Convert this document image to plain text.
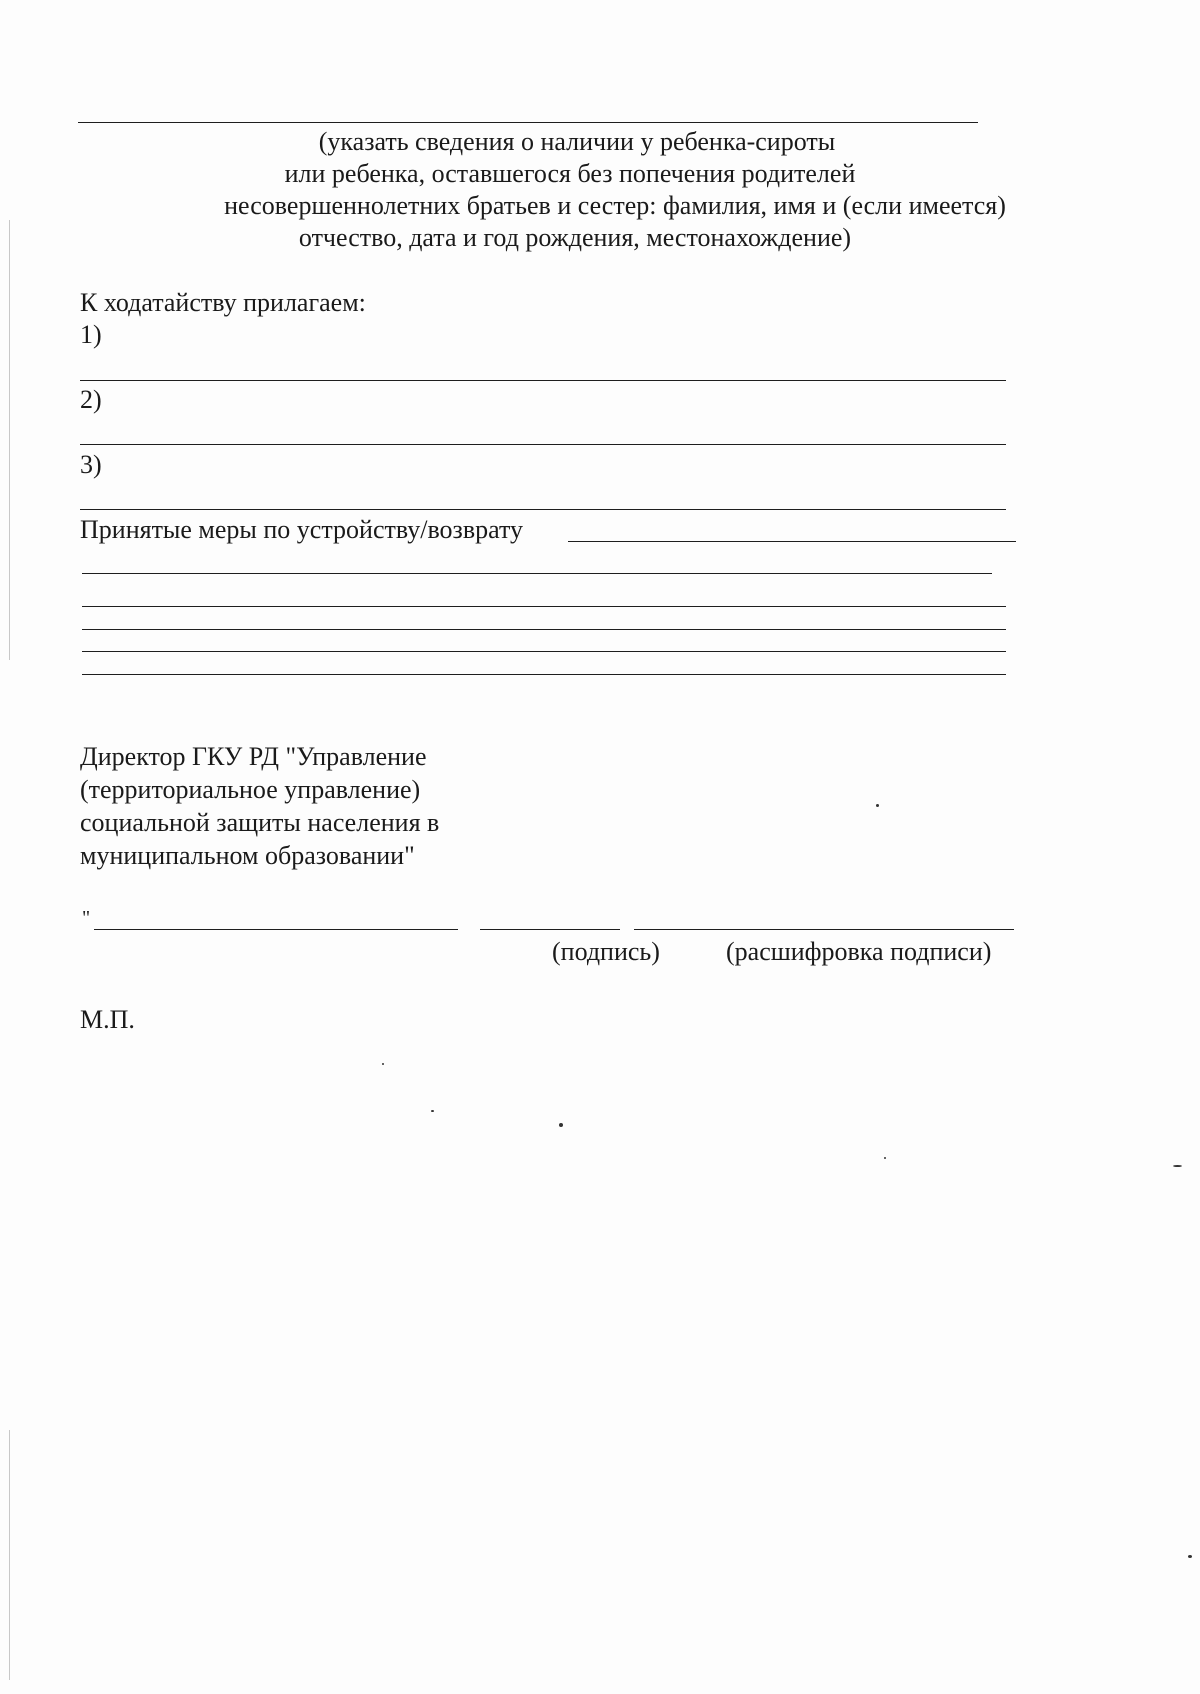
(указать сведения о наличии у ребенка-сироты
или ребенка, оставшегося без попечения родителей
несовершеннолетних братьев и сестер: фамилия, имя и (если имеется)
отчество, дата и год рождения, местонахождение)
К ходатайству прилагаем:
1)
2)
3)
Принятые меры по устройству/возврату
Директор ГКУ РД "Управление
(территориальное управление)
социальной защиты населения в
муниципальном образовании"
"
(подпись)	(расшифровка подписи)
М.П.
